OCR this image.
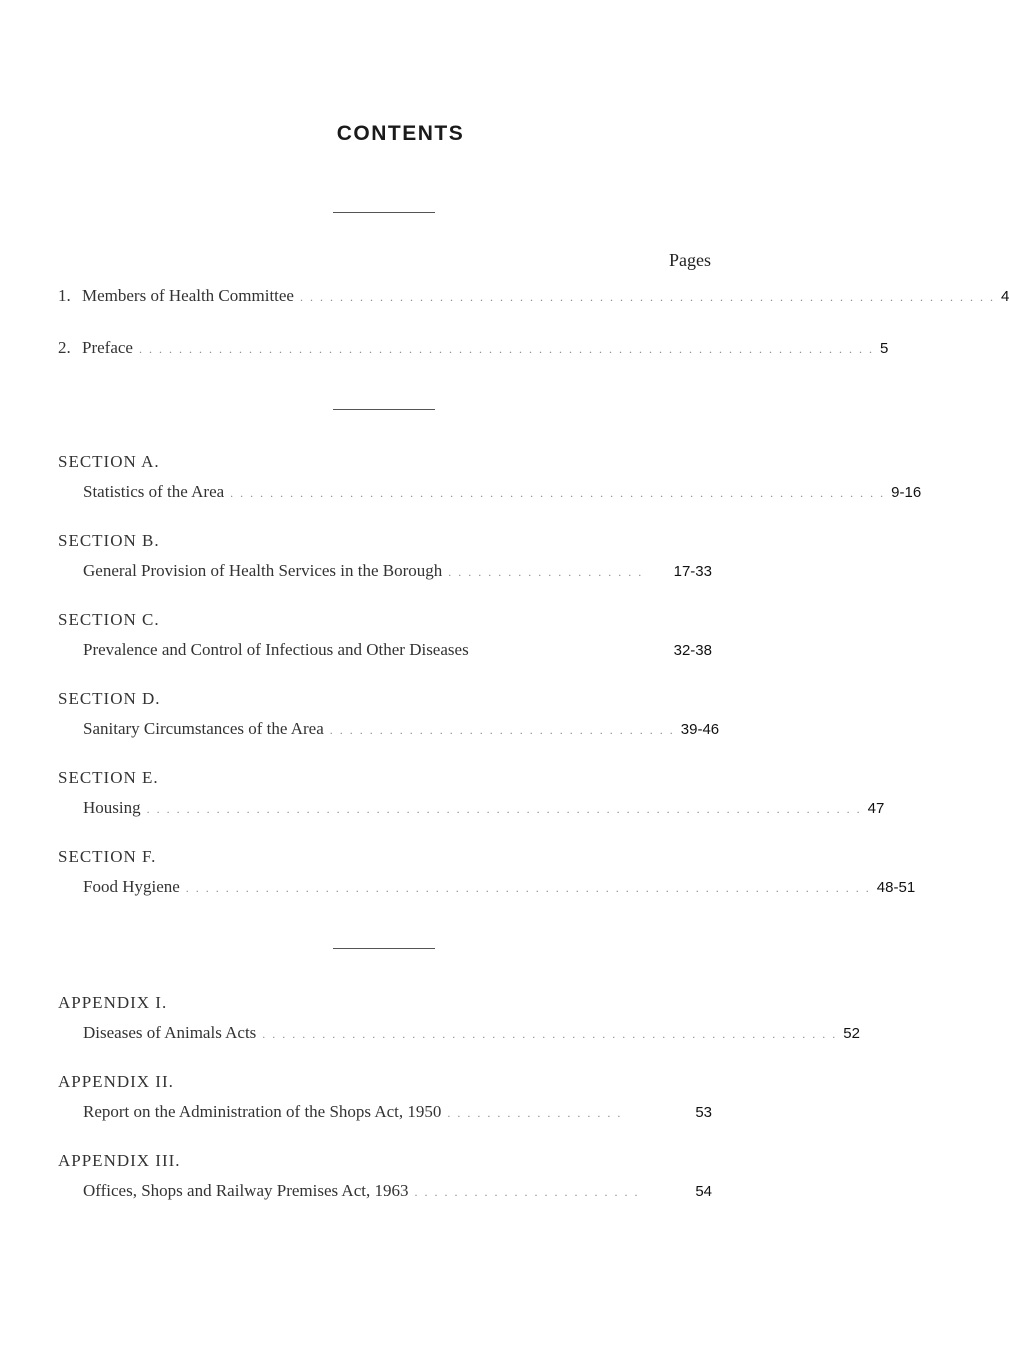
CONTENTS
Pages
1. Members of Health Committee . . . . . . . . . . . . . . . . . . . . . . . . . . . . . . . . . . . . . . . . . . . . . . . . . . . . . . . . . . . . . . . . . . . . . . 4
2. Preface . . . . . . . . . . . . . . . . . . . . . . . . . . . . . . . . . . . . . . . . . . . . . . . . . . . . . . . . . . . . . . . . . . . . . . . . . . 5
SECTION A.
Statistics of the Area . . . . . . . . . . . . . . . . . . . . . . . . . . . . . . . . . . . . . . . . . . . . . . . . . . . . . . . . . . . . . . . . . . 9-16
SECTION B.
General Provision of Health Services in the Borough . . . . . . . . . . . . . . . . . . . .	17-33
SECTION C.
Prevalence and Control of Infectious and Other Diseases	32-38
SECTION D.
Sanitary Circumstances of the Area . . . . . . . . . . . . . . . . . . . . . . . . . . . . . . . . . . . 39-46
SECTION E.
Housing . . . . . . . . . . . . . . . . . . . . . . . . . . . . . . . . . . . . . . . . . . . . . . . . . . . . . . . . . . . . . . . . . . . . . . . . 47
SECTION F.
Food Hygiene . . . . . . . . . . . . . . . . . . . . . . . . . . . . . . . . . . . . . . . . . . . . . . . . . . . . . . . . . . . . . . . . . . . . . 48-51
APPENDIX I.
Diseases of Animals Acts . . . . . . . . . . . . . . . . . . . . . . . . . . . . . . . . . . . . . . . . . . . . . . . . . . . . . . . . . . 52
APPENDIX II.
Report on the Administration of the Shops Act, 1950 . . . . . . . . . . . . . . . . . .	53
APPENDIX III.
Offices, Shops and Railway Premises Act, 1963 . . . . . . . . . . . . . . . . . . . . . . .	54
